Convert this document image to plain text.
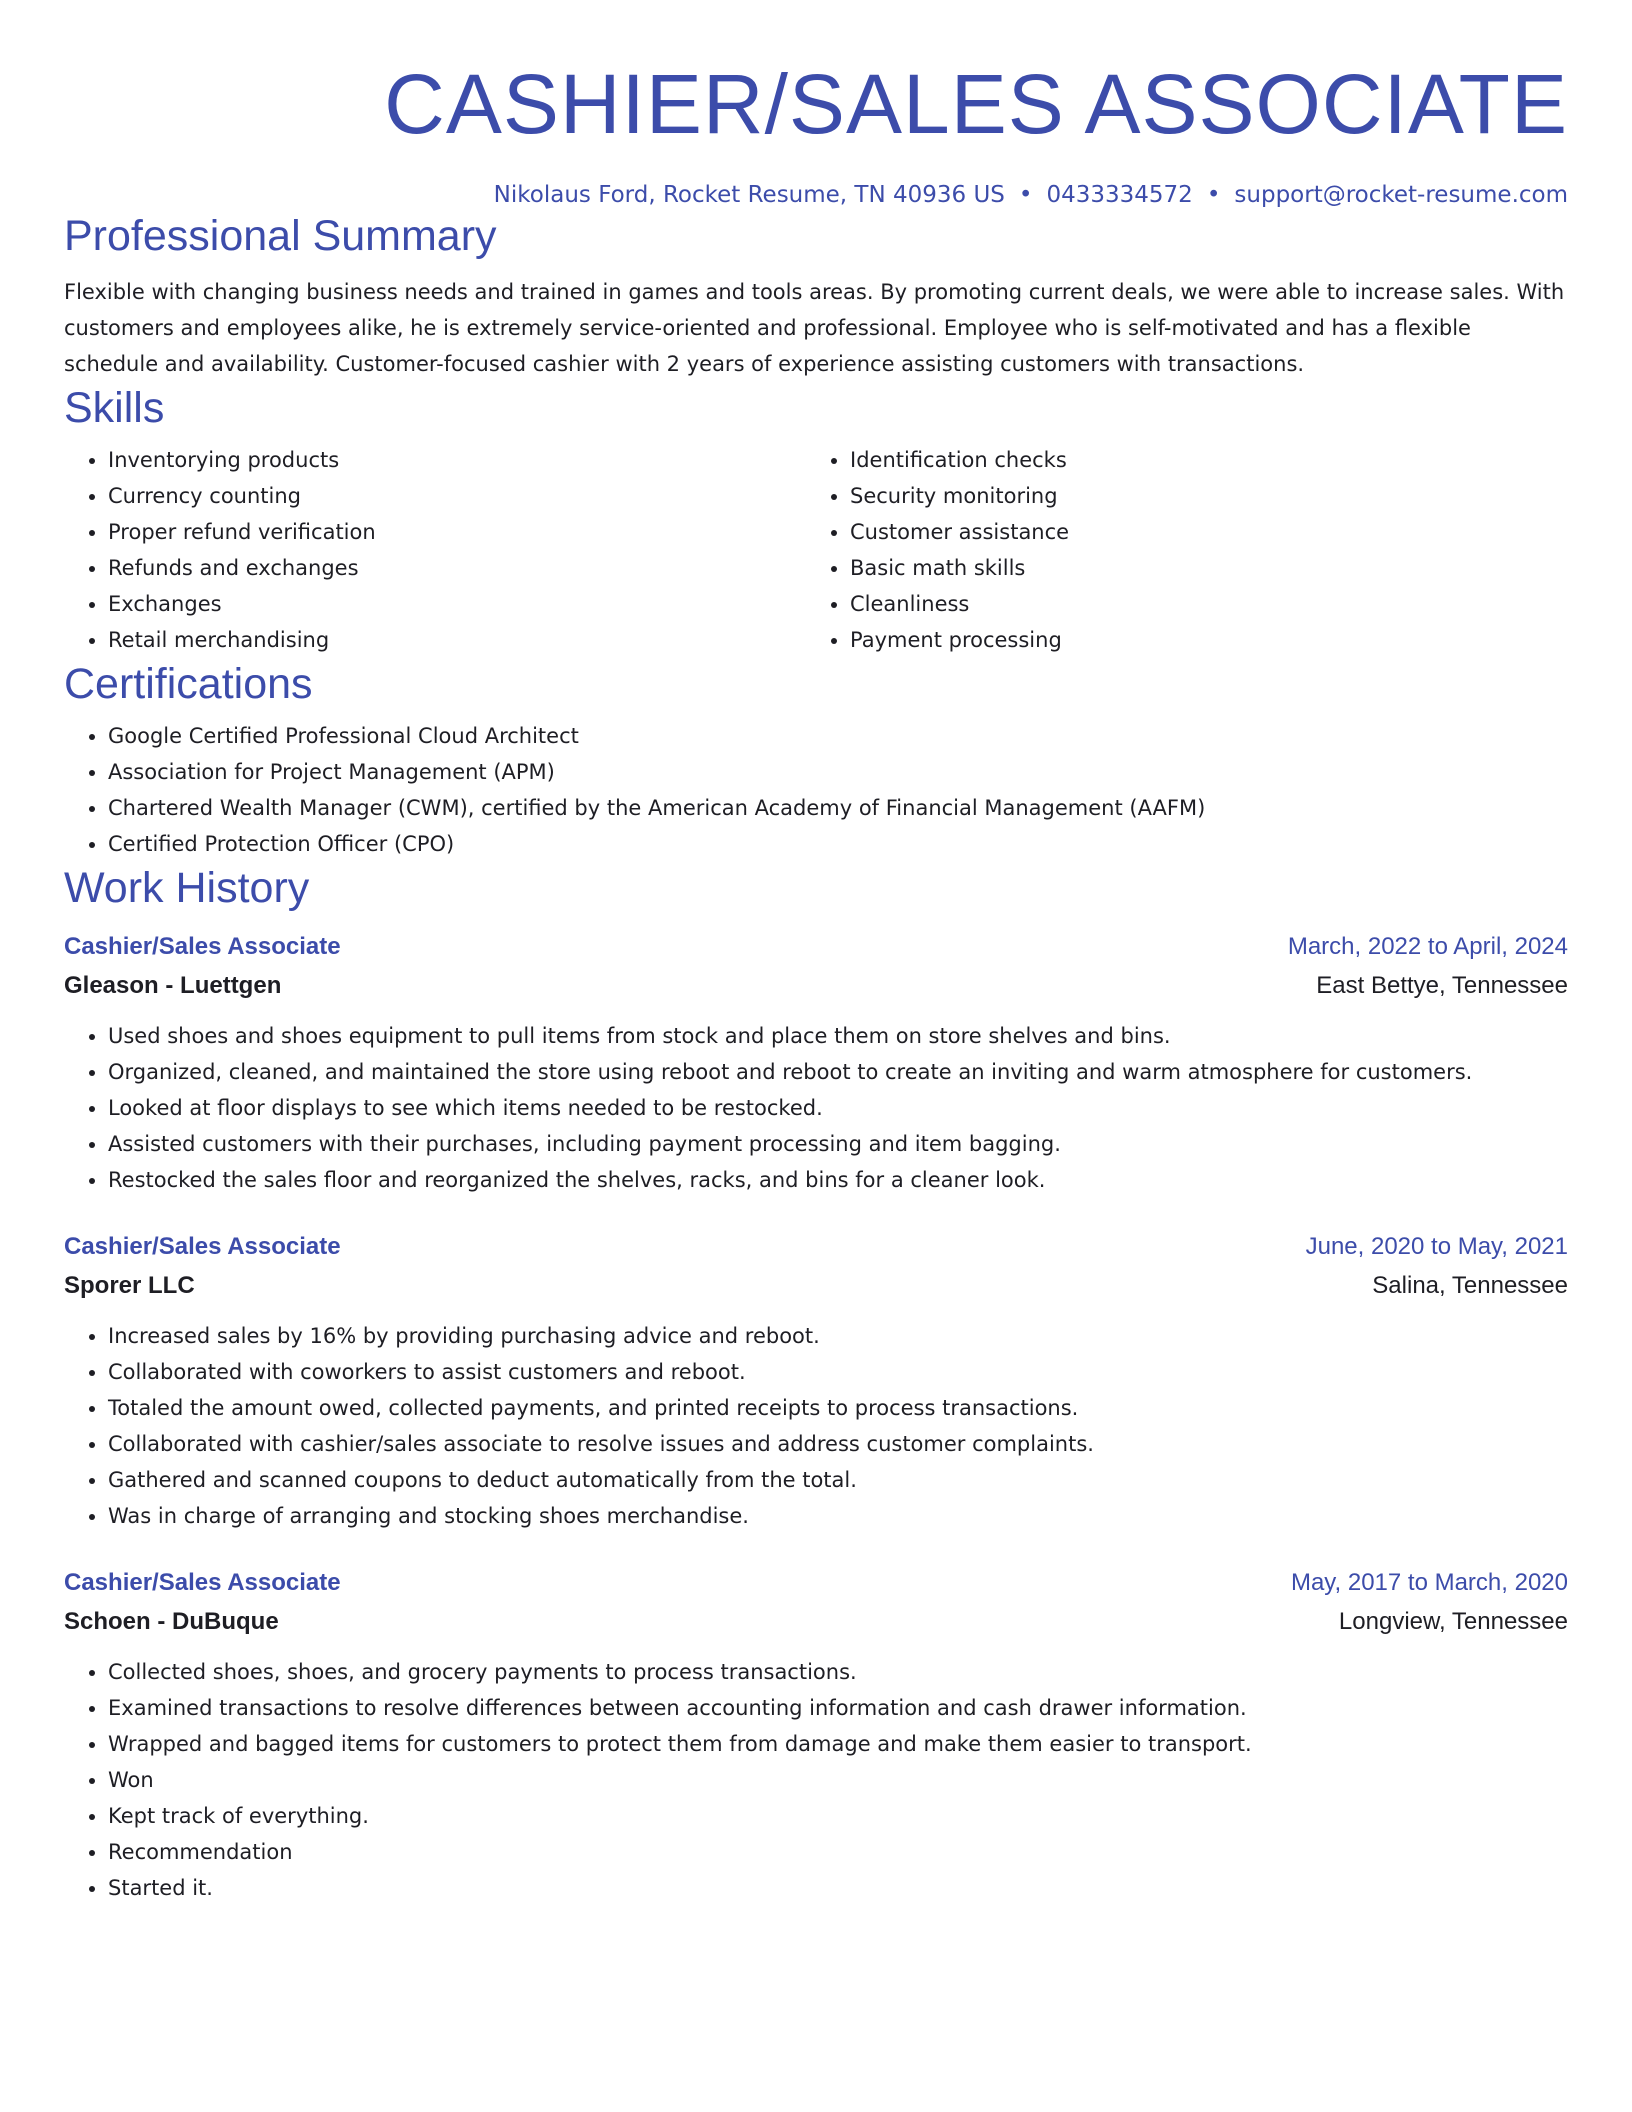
CASHIER/SALES ASSOCIATE
Nikolaus Ford, Rocket Resume, TN 40936 US • 0433334572 • support@rocket-resume.com
Professional Summary
Flexible with changing business needs and trained in games and tools areas. By promoting current deals, we were able to increase sales. With customers and employees alike, he is extremely service-oriented and professional. Employee who is self-motivated and has a flexible schedule and availability. Customer-focused cashier with 2 years of experience assisting customers with transactions.
Skills
• Inventorying products
• Currency counting
• Proper refund verification
• Refunds and exchanges
• Exchanges
• Retail merchandising
• Identification checks
• Security monitoring
• Customer assistance
• Basic math skills
• Cleanliness
• Payment processing
Certifications
• Google Certified Professional Cloud Architect
• Association for Project Management (APM)
• Chartered Wealth Manager (CWM), certified by the American Academy of Financial Management (AAFM)
• Certified Protection Officer (CPO)
Work History
Cashier/Sales Associate	March, 2022 to April, 2024
Gleason - Luettgen	East Bettye, Tennessee
• Used shoes and shoes equipment to pull items from stock and place them on store shelves and bins.
• Organized, cleaned, and maintained the store using reboot and reboot to create an inviting and warm atmosphere for customers.
• Looked at floor displays to see which items needed to be restocked.
• Assisted customers with their purchases, including payment processing and item bagging.
• Restocked the sales floor and reorganized the shelves, racks, and bins for a cleaner look.
Cashier/Sales Associate	June, 2020 to May, 2021
Sporer LLC	Salina, Tennessee
• Increased sales by 16% by providing purchasing advice and reboot.
• Collaborated with coworkers to assist customers and reboot.
• Totaled the amount owed, collected payments, and printed receipts to process transactions.
• Collaborated with cashier/sales associate to resolve issues and address customer complaints.
• Gathered and scanned coupons to deduct automatically from the total.
• Was in charge of arranging and stocking shoes merchandise.
Cashier/Sales Associate	May, 2017 to March, 2020
Schoen - DuBuque	Longview, Tennessee
• Collected shoes, shoes, and grocery payments to process transactions.
• Examined transactions to resolve differences between accounting information and cash drawer information.
• Wrapped and bagged items for customers to protect them from damage and make them easier to transport.
• Won
• Kept track of everything.
• Recommendation
• Started it.
